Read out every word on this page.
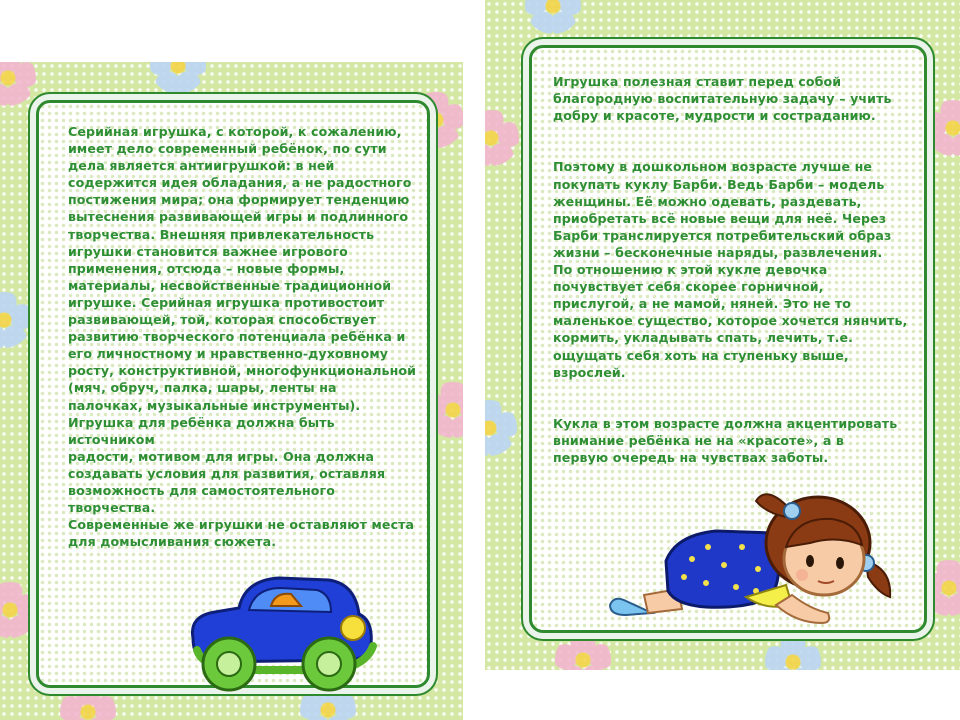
Серийная игрушка, с которой, к сожалению,
имеет дело современный ребёнок, по сути
дела является антиигрушкой: в ней
содержится идея обладания, а не радостного
постижения мира; она формирует тенденцию
вытеснения развивающей игры и подлинного
творчества. Внешняя привлекательность
игрушки становится важнее игрового
применения, отсюда – новые формы,
материалы, несвойственные традиционной
игрушке. Серийная игрушка противостоит
развивающей, той, которая способствует
развитию творческого потенциала ребёнка и
его личностному и нравственно-духовному
росту, конструктивной, многофункциональной
(мяч, обруч, палка, шары, ленты на
палочках, музыкальные инструменты).
Игрушка для ребёнка должна быть источником
радости, мотивом для игры. Она должна
создавать условия для развития, оставляя
возможность для самостоятельного творчества.
Современные же игрушки не оставляют места
для домысливания сюжета.

Игрушка полезная ставит перед собой
благородную воспитательную задачу – учить
добру и красоте, мудрости и состраданию.

Поэтому в дошкольном возрасте лучше не
покупать куклу Барби. Ведь Барби – модель
женщины. Её можно одевать, раздевать,
приобретать всё новые вещи для неё. Через
Барби транслируется потребительский образ
жизни – бесконечные наряды, развлечения.
По отношению к этой кукле девочка
почувствует себя скорее горничной,
прислугой, а не мамой, няней. Это не то
маленькое существо, которое хочется нянчить,
кормить, укладывать спать, лечить, т.е.
ощущать себя хоть на ступеньку выше,
взрослей.

Кукла в этом возрасте должна акцентировать
внимание ребёнка не на «красоте», а в
первую очередь на чувствах заботы.
